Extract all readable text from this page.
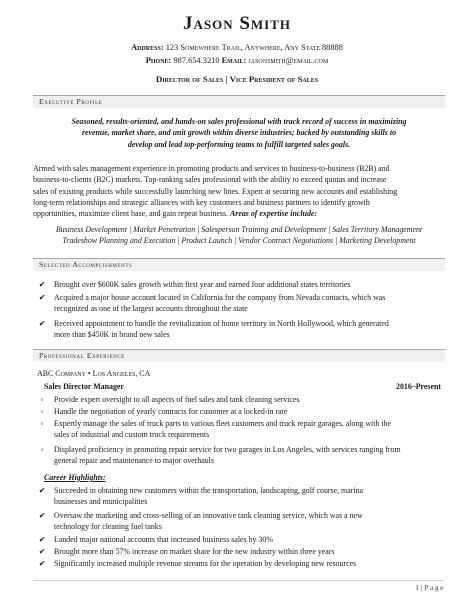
Jason Smith
Address: 123 Somewhere Trail, Anywhere, Any State 88888
Phone: 987.654.3210 Email: jasonsmith@email.com
Director of Sales | Vice President of Sales
Executive Profile
Seasoned, results-oriented, and hands-on sales professional with track record of success in maximizing
revenue, market share, and unit growth within diverse industries; backed by outstanding skills to
develop and lead top-performing teams to fulfill targeted sales goals.
Armed with sales management experience in promoting products and services to business-to-business (B2B) and
business-to-clients (B2C) markets. Top-ranking sales professional with the ability to exceed quotas and increase
sales of existing products while successfully launching new lines. Expert at securing new accounts and establishing
long-term relationships and strategic alliances with key customers and business partners to identify growth
opportunities, maximize client base, and gain repeat business. Areas of expertise include:
Business Development | Market Penetration | Salesperson Training and Development | Sales Territory Management
Tradeshow Planning and Execution | Product Launch | Vendor Contract Negotiations | Marketing Development
Selected Accomplishments
✔ Brought over $600K sales growth within first year and earned four additional states territories
✔ Acquired a major house account located in California for the company from Nevada contacts, which was
recognized as one of the largest accounts throughout the state
✔ Received appointment to handle the revitalization of home territory in North Hollywood, which generated
more than $450K in brand new sales
Professional Experience
ABC Company • Los Angeles, CA
Sales Director Manager	2016–Present
▫	Provide expert oversight to all aspects of fuel sales and tank cleaning services
▫	Handle the negotiation of yearly contracts for customer at a locked-in rate
▫	Expertly manage the sales of truck parts to various fleet customers and truck repair garages, along with the
sales of industrial and custom truck requirements
▫	Displayed proficiency in promoting repair service for two garages in Los Angeles, with services ranging from
general repair and maintenance to major overhauls
Career Highlights:
✔ Succeeded in obtaining new customers within the transportation, landscaping, golf course, marina
businesses and municipalities
✔ Oversaw the marketing and cross-selling of an innovative tank cleaning service, which was a new
technology for cleaning fuel tanks
✔ Landed major national accounts that increased business sales by 30%
✔ Brought more than 57% increase on market share for the new industry within three years
✔ Significantly increased multiple revenue streams for the operation by developing new resources
1 | Page
